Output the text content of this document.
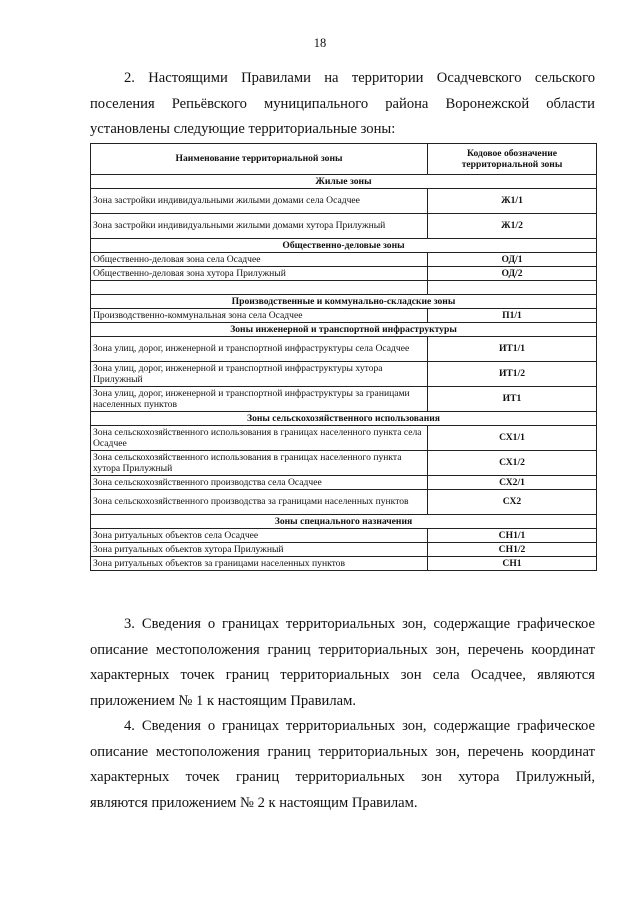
18
2. Настоящими Правилами на территории Осадчевского сельского
поселения Репьёвского муниципального района Воронежской области
установлены следующие территориальные зоны:
Наименование территориальной зоны	Кодовое обозначение территориальной зоны
Жилые зоны	
Зона застройки индивидуальными жилыми домами села Осадчее	Ж1/1
Зона застройки индивидуальными жилыми домами хутора Прилужный	Ж1/2
Общественно-деловые зоны	
Общественно-деловая зона села Осадчее	ОД/1
Общественно-деловая зона хутора Прилужный	ОД/2

Производственные и коммунально-складские зоны	
Производственно-коммунальная зона села Осадчее	П1/1
Зоны инженерной и транспортной инфраструктуры	
Зона улиц, дорог, инженерной и транспортной инфраструктуры села Осадчее	ИТ1/1
Зона улиц, дорог, инженерной и транспортной инфраструктуры хутора Прилужный	ИТ1/2
Зона улиц, дорог, инженерной и транспортной инфраструктуры за границами населенных пунктов	ИТ1
Зоны сельскохозяйственного использования	
Зона сельскохозяйственного использования в границах населенного пункта села Осадчее	СХ1/1
Зона сельскохозяйственного использования в границах населенного пункта хутора Прилужный	СХ1/2
Зона сельскохозяйственного производства села Осадчее	СХ2/1
Зона сельскохозяйственного производства за границами населенных пунктов	СХ2
Зоны специального назначения	
Зона ритуальных объектов села Осадчее	СН1/1
Зона ритуальных объектов хутора Прилужный	СН1/2
Зона ритуальных объектов за границами населенных пунктов	СН1
3. Сведения о границах территориальных зон, содержащие графическое
описание местоположения границ территориальных зон, перечень координат
характерных точек границ территориальных зон села Осадчее, являются
приложением № 1 к настоящим Правилам.
4. Сведения о границах территориальных зон, содержащие графическое
описание местоположения границ территориальных зон, перечень координат
характерных точек границ территориальных зон хутора Прилужный,
являются приложением № 2 к настоящим Правилам.
